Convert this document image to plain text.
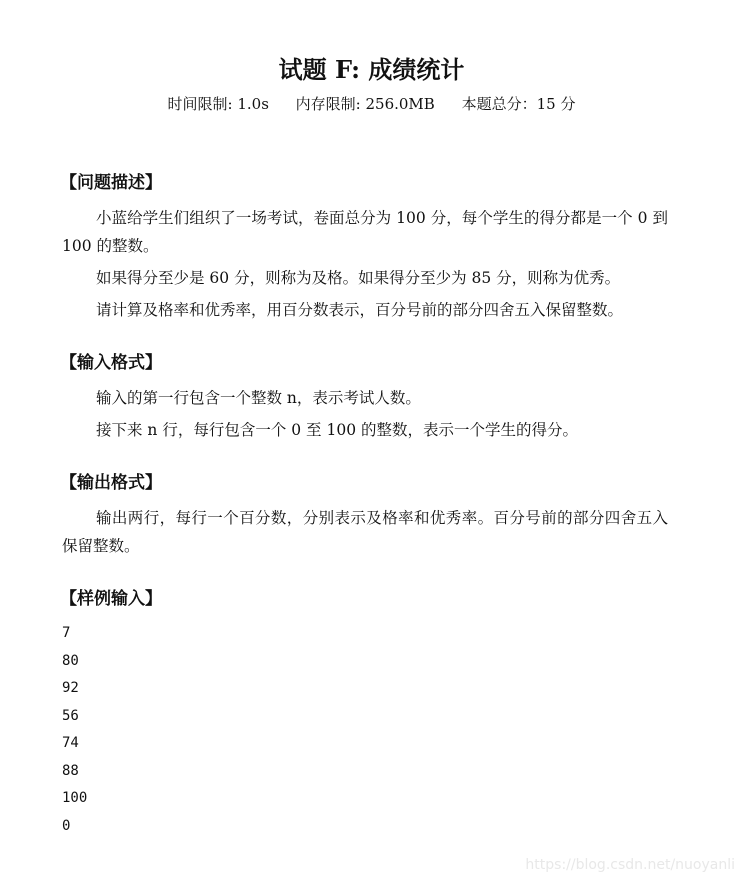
试题 F: 成绩统计
时间限制: 1.0s 内存限制: 256.0MB 本题总分：15 分
【问题描述】

小蓝给学生们组织了一场考试，卷面总分为 100 分，每个学生的得分都是一个 0 到 100 的整数。

如果得分至少是 60 分，则称为及格。如果得分至少为 85 分，则称为优秀。

请计算及格率和优秀率，用百分数表示，百分号前的部分四舍五入保留整数。

【输入格式】

输入的第一行包含一个整数 n，表示考试人数。

接下来 n 行，每行包含一个 0 至 100 的整数，表示一个学生的得分。

【输出格式】

输出两行，每行一个百分数，分别表示及格率和优秀率。百分号前的部分四舍五入保留整数。

【样例输入】
7
80
92
56
74
88
100
0
https://blog.csdn.net/nuoyanli
